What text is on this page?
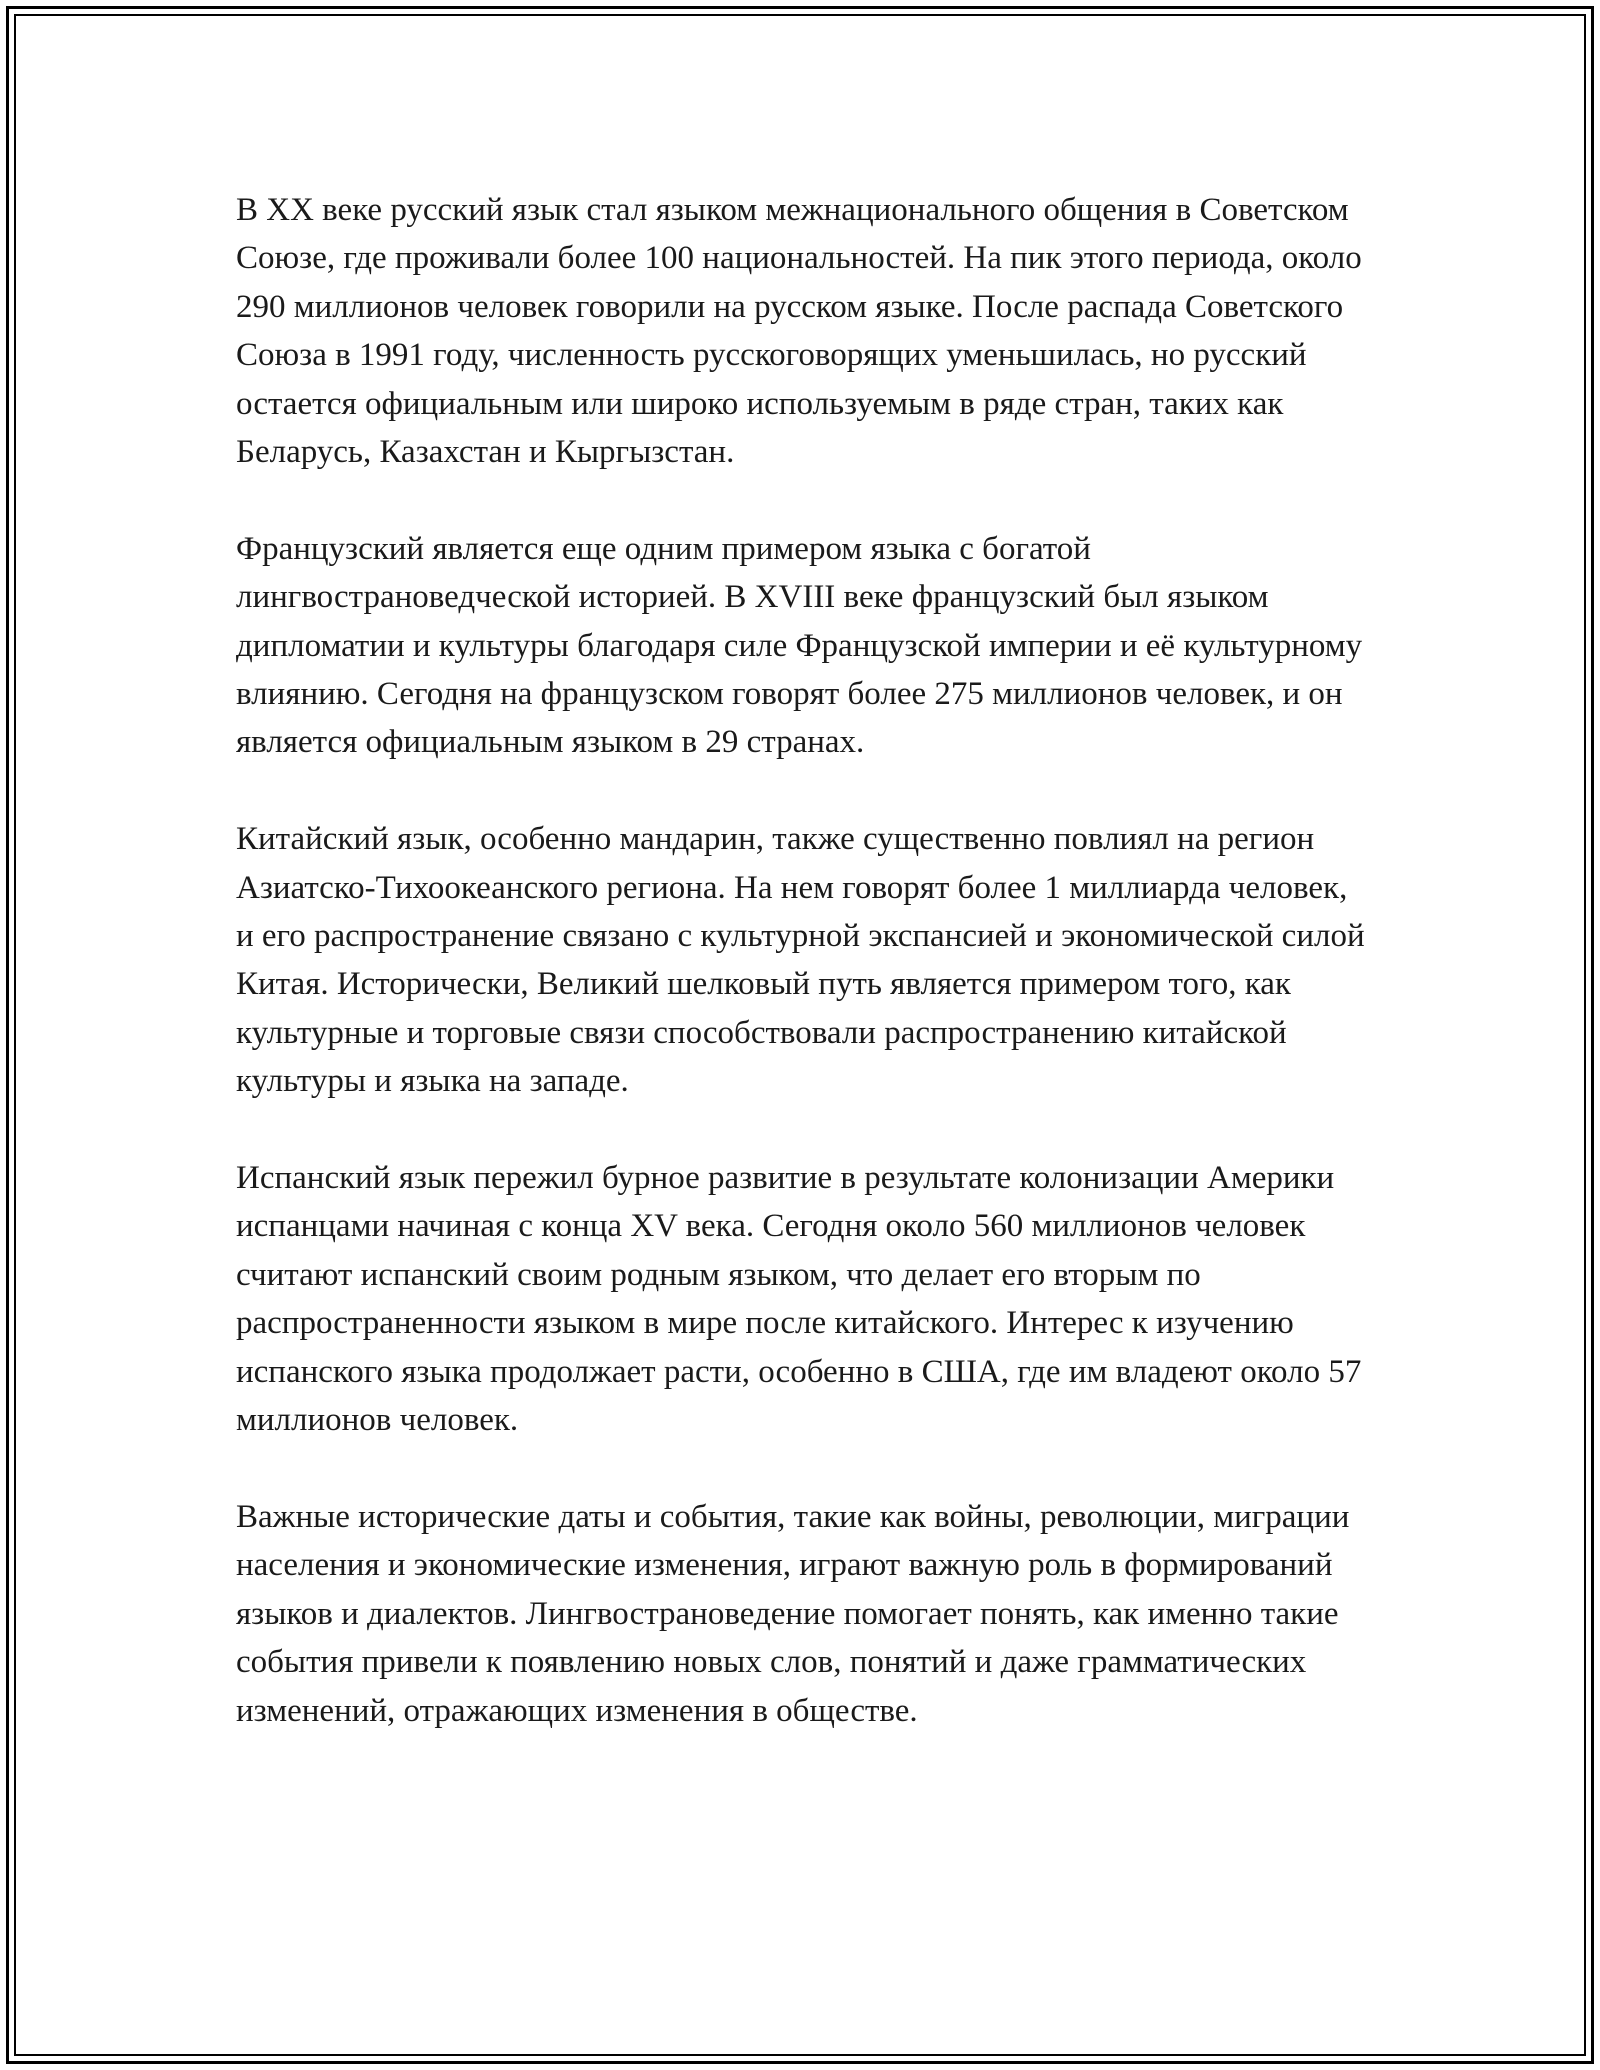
В XX веке русский язык стал языком межнационального общения в Советском Союзе, где проживали более 100 национальностей. На пик этого периода, около 290 миллионов человек говорили на русском языке. После распада Советского Союза в 1991 году, численность русскоговорящих уменьшилась, но русский остается официальным или широко используемым в ряде стран, таких как Беларусь, Казахстан и Кыргызстан.

Французский является еще одним примером языка с богатой лингвострановедческой историей. В XVIII веке французский был языком дипломатии и культуры благодаря силе Французской империи и её культурному влиянию. Сегодня на французском говорят более 275 миллионов человек, и он является официальным языком в 29 странах.

Китайский язык, особенно мандарин, также существенно повлиял на регион Азиатско-Тихоокеанского региона. На нем говорят более 1 миллиарда человек, и его распространение связано с культурной экспансией и экономической силой Китая. Исторически, Великий шелковый путь является примером того, как культурные и торговые связи способствовали распространению китайской культуры и языка на западе.

Испанский язык пережил бурное развитие в результате колонизации Америки испанцами начиная с конца XV века. Сегодня около 560 миллионов человек считают испанский своим родным языком, что делает его вторым по распространенности языком в мире после китайского. Интерес к изучению испанского языка продолжает расти, особенно в США, где им владеют около 57 миллионов человек.

Важные исторические даты и события, такие как войны, революции, миграции населения и экономические изменения, играют важную роль в формирований языков и диалектов. Лингвострановедение помогает понять, как именно такие события привели к появлению новых слов, понятий и даже грамматических изменений, отражающих изменения в обществе.
